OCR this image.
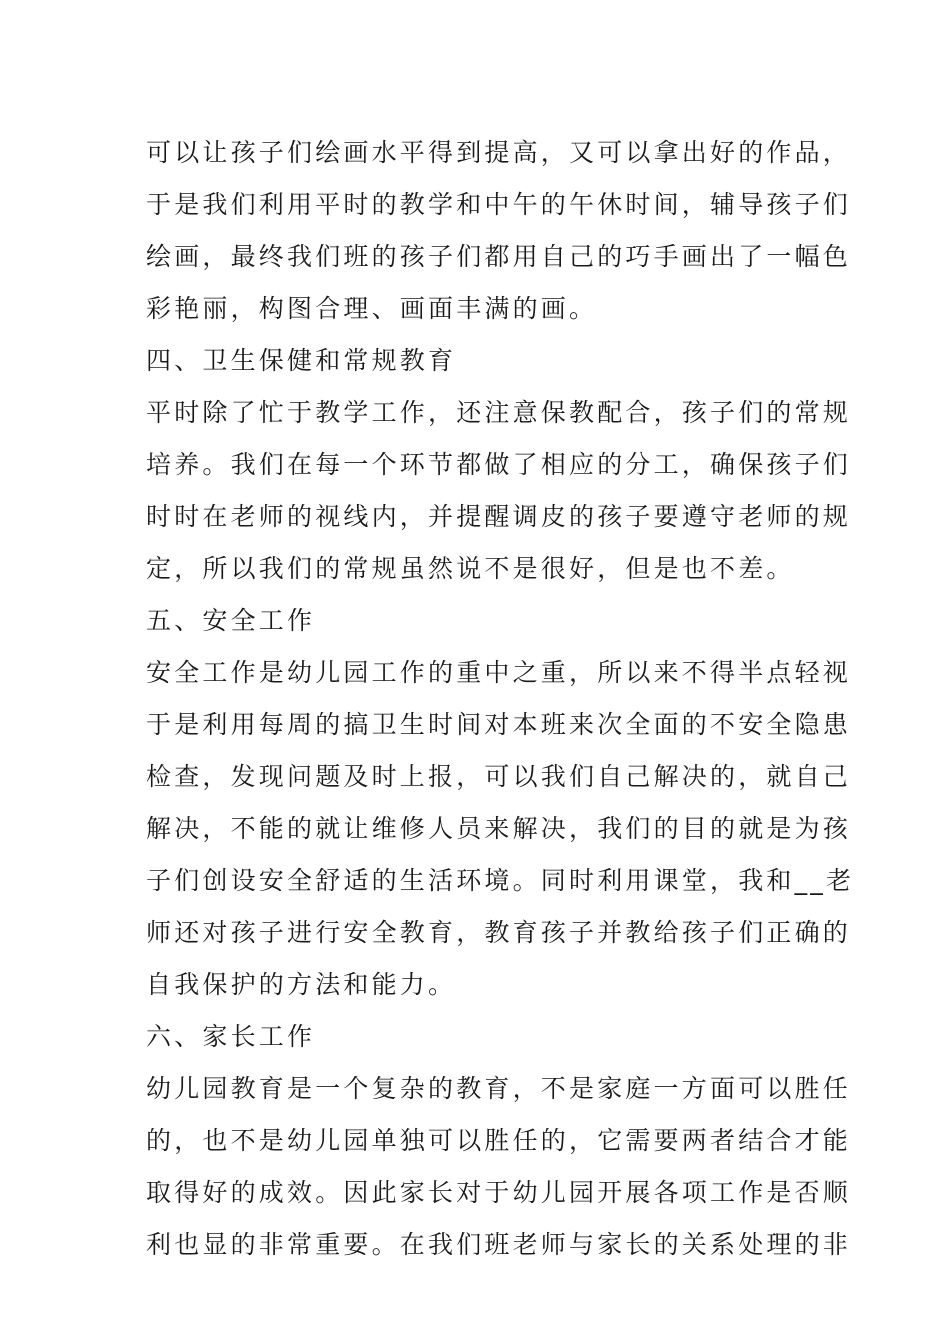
可以让孩子们绘画水平得到提高，又可以拿出好的作品，
于是我们利用平时的教学和中午的午休时间，辅导孩子们
绘画，最终我们班的孩子们都用自己的巧手画出了一幅色
彩艳丽，构图合理、画面丰满的画。
四、卫生保健和常规教育
平时除了忙于教学工作，还注意保教配合，孩子们的常规
培养。我们在每一个环节都做了相应的分工，确保孩子们
时时在老师的视线内，并提醒调皮的孩子要遵守老师的规
定，所以我们的常规虽然说不是很好，但是也不差。
五、安全工作
安全工作是幼儿园工作的重中之重，所以来不得半点轻视
于是利用每周的搞卫生时间对本班来次全面的不安全隐患
检查，发现问题及时上报，可以我们自己解决的，就自己
解决，不能的就让维修人员来解决，我们的目的就是为孩
子们创设安全舒适的生活环境。同时利用课堂，我和__老
师还对孩子进行安全教育，教育孩子并教给孩子们正确的
自我保护的方法和能力。
六、家长工作
幼儿园教育是一个复杂的教育，不是家庭一方面可以胜任
的，也不是幼儿园单独可以胜任的，它需要两者结合才能
取得好的成效。因此家长对于幼儿园开展各项工作是否顺
利也显的非常重要。在我们班老师与家长的关系处理的非
